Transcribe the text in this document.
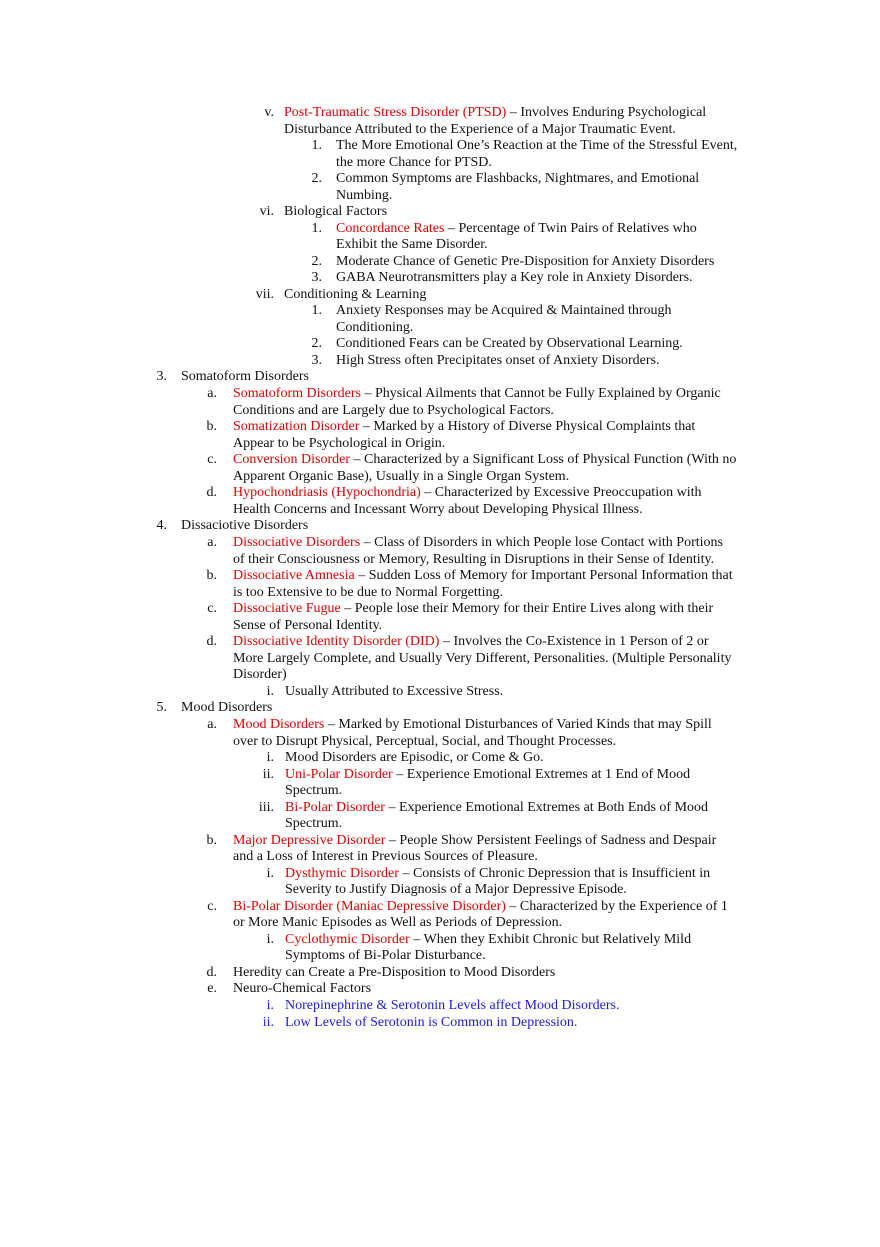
v. Post-Traumatic Stress Disorder (PTSD) – Involves Enduring Psychological
Disturbance Attributed to the Experience of a Major Traumatic Event.
1. The More Emotional One’s Reaction at the Time of the Stressful Event,
the more Chance for PTSD.
2. Common Symptoms are Flashbacks, Nightmares, and Emotional
Numbing.
vi. Biological Factors
1. Concordance Rates – Percentage of Twin Pairs of Relatives who
Exhibit the Same Disorder.
2. Moderate Chance of Genetic Pre-Disposition for Anxiety Disorders
3. GABA Neurotransmitters play a Key role in Anxiety Disorders.
vii. Conditioning & Learning
1. Anxiety Responses may be Acquired & Maintained through
Conditioning.
2. Conditioned Fears can be Created by Observational Learning.
3. High Stress often Precipitates onset of Anxiety Disorders.
3. Somatoform Disorders
a. Somatoform Disorders – Physical Ailments that Cannot be Fully Explained by Organic
Conditions and are Largely due to Psychological Factors.
b. Somatization Disorder – Marked by a History of Diverse Physical Complaints that
Appear to be Psychological in Origin.
c. Conversion Disorder – Characterized by a Significant Loss of Physical Function (With no
Apparent Organic Base), Usually in a Single Organ System.
d. Hypochondriasis (Hypochondria) – Characterized by Excessive Preoccupation with
Health Concerns and Incessant Worry about Developing Physical Illness.
4. Dissaciotive Disorders
a. Dissociative Disorders – Class of Disorders in which People lose Contact with Portions
of their Consciousness or Memory, Resulting in Disruptions in their Sense of Identity.
b. Dissociative Amnesia – Sudden Loss of Memory for Important Personal Information that
is too Extensive to be due to Normal Forgetting.
c. Dissociative Fugue – People lose their Memory for their Entire Lives along with their
Sense of Personal Identity.
d. Dissociative Identity Disorder (DID) – Involves the Co-Existence in 1 Person of 2 or
More Largely Complete, and Usually Very Different, Personalities. (Multiple Personality
Disorder)
i. Usually Attributed to Excessive Stress.
5. Mood Disorders
a. Mood Disorders – Marked by Emotional Disturbances of Varied Kinds that may Spill
over to Disrupt Physical, Perceptual, Social, and Thought Processes.
i. Mood Disorders are Episodic, or Come & Go.
ii. Uni-Polar Disorder – Experience Emotional Extremes at 1 End of Mood
Spectrum.
iii. Bi-Polar Disorder – Experience Emotional Extremes at Both Ends of Mood
Spectrum.
b. Major Depressive Disorder – People Show Persistent Feelings of Sadness and Despair
and a Loss of Interest in Previous Sources of Pleasure.
i. Dysthymic Disorder – Consists of Chronic Depression that is Insufficient in
Severity to Justify Diagnosis of a Major Depressive Episode.
c. Bi-Polar Disorder (Maniac Depressive Disorder) – Characterized by the Experience of 1
or More Manic Episodes as Well as Periods of Depression.
i. Cyclothymic Disorder – When they Exhibit Chronic but Relatively Mild
Symptoms of Bi-Polar Disturbance.
d. Heredity can Create a Pre-Disposition to Mood Disorders
e. Neuro-Chemical Factors
i. Norepinephrine & Serotonin Levels affect Mood Disorders.
ii. Low Levels of Serotonin is Common in Depression.
